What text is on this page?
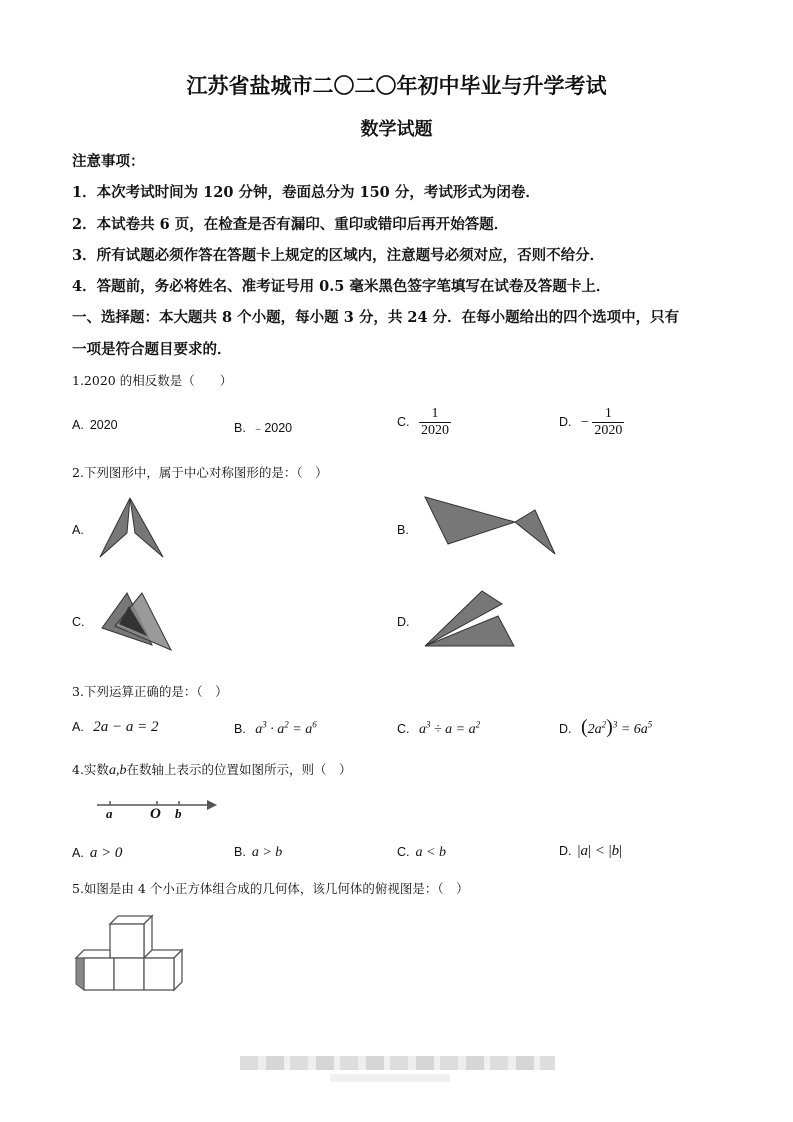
江苏省盐城市二〇二〇年初中毕业与升学考试
数学试题
注意事项：
1．本次考试时间为 120 分钟，卷面总分为 150 分，考试形式为闭卷．
2．本试卷共 6 页，在检查是否有漏印、重印或错印后再开始答题．
3．所有试题必须作答在答题卡上规定的区域内，注意题号必须对应，否则不给分．
4．答题前，务必将姓名、准考证号用 0.5 毫米黑色签字笔填写在试卷及答题卡上．
一、选择题：本大题共 8 个小题，每小题 3 分，共 24 分．在每小题给出的四个选项中，只有
一项是符合题目要求的．
1.2020 的相反数是（　　）
A. 2020	B. ﹣2020	C. $\frac{1}{2020}$	D. − $\frac{1}{2020}$
2.下列图形中，属于中心对称图形的是：（　）
A.	B.
C.	D.
3.下列运算正确的是：（　）
A. 2a − a = 2	B. $a^3 \cdot a^2 = a^6$	C. $a^3 \div a = a^2$	D. $(2a^2)^3 = 6a^5$
4.实数a,b在数轴上表示的位置如图所示，则（　）
a	O b
A. a > 0	B. a > b	C. a < b	D. |a| < |b|
5.如图是由 4 个小正方体组合成的几何体，该几何体的俯视图是：（　）
